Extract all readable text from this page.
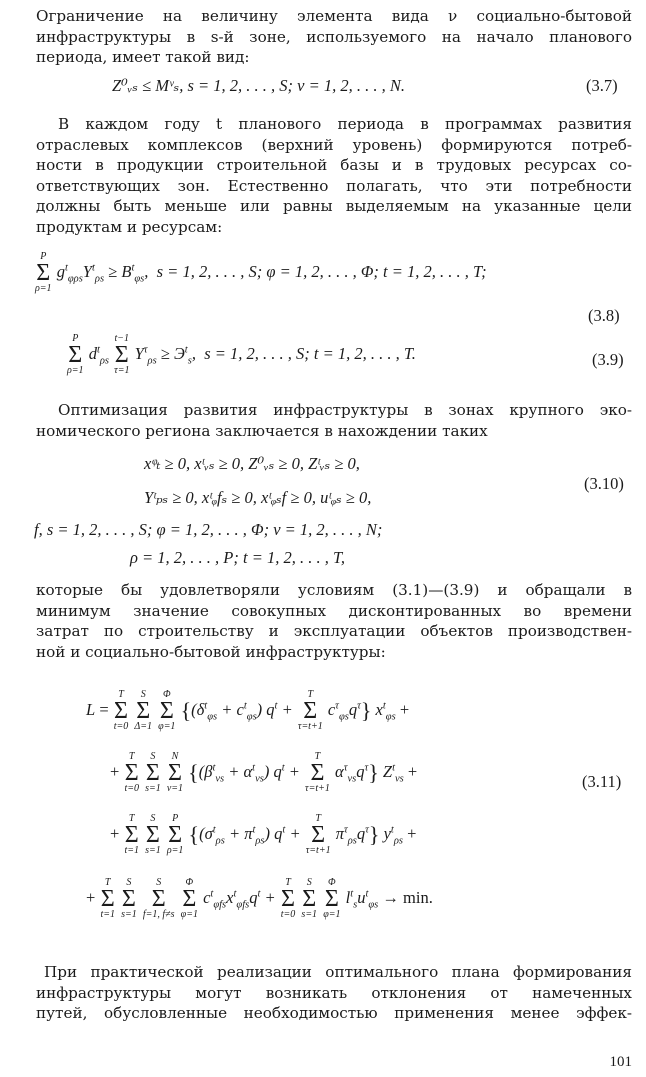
Ограничение на величину элемента вида ν социально-бытовой
инфраструктуры в s-й зоне, используемого на начало планового
периода, имеет такой вид:
Z⁰ᵥₛ ≤ Mᵛₛ, s = 1, 2, . . . , S; ν = 1, 2, . . . , N.	(3.7)
В каждом году t планового периода в программах развития
отраслевых комплексов (верхний уровень) формируются потреб-
ности в продукции строительной базы и в трудовых ресурсах со-
ответствующих зон. Естественно полагать, что эти потребности
должны быть меньше или равны выделяемым на указанные цели
продуктам и ресурсам:
P
Σ
ρ=1
$g^t_{\varphi\rho s}Y^t_{\rho s} \ge B^t_{\varphi s}$,  s = 1, 2, . . . , S; φ = 1, 2, . . . , Φ; t = 1, 2, . . . , T;
(3.8)
P
Σ
ρ=1
$d^t_{\rho s}$
t−1
Σ
τ=1
$Y^\tau_{\rho s} \ge Э^t_s$,  s = 1, 2, . . . , S; t = 1, 2, . . . , T.	(3.9)
Оптимизация развития инфраструктуры в зонах крупного эко-
номического региона заключается в нахождении таких
xᵠₜ ≥ 0, xᵗᵥₛ ≥ 0, Z⁰ᵥₛ ≥ 0, Zᵗᵥₛ ≥ 0,
Yᵗₚₛ ≥ 0, xᵗᵩfₛ ≥ 0, xᵗᵩₛf ≥ 0, uᵗᵩₛ ≥ 0,
(3.10)
f, s = 1, 2, . . . , S; φ = 1, 2, . . . , Φ; ν = 1, 2, . . . , N;
ρ = 1, 2, . . . , P; t = 1, 2, . . . , T,
которые бы удовлетворяли условиям (3.1)—(3.9) и обращали в
минимум значение совокупных дисконтированных во времени
затрат по строительству и эксплуатации объектов производствен-
ной и социально-бытовой инфраструктуры:
L =
T
Σ
t=0

S
Σ
Δ=1

Φ
Σ
φ=1
{$(\delta^t_{\varphi s} + c^t_{\varphi s}) q^t$ +
T
Σ
τ=t+1
$c^\tau_{\varphi s}q^\tau$} $x^t_{\varphi s}$ +
+
T
Σ
t=0

S
Σ
s=1

N
Σ
ν=1
{$(\beta^t_{\nu s} + \alpha^t_{\nu s}) q^t$ +
T
Σ
τ=t+1
$\alpha^\tau_{\nu s}q^\tau$} $Z^t_{\nu s}$ +
(3.11)
+
T
Σ
t=1

S
Σ
s=1

P
Σ
ρ=1
{$(\sigma^t_{\rho s} + \pi^t_{\rho s}) q^t$ +
T
Σ
τ=t+1
$\pi^\tau_{\rho s}q^\tau$} $y^t_{\rho s}$ +
+
T
Σ
t=1

S
Σ
s=1

S
Σ
f=1, f≠s

Φ
Σ
φ=1
$c^t_{\varphi fs}x^t_{\varphi fs}q^t$ +
T
Σ
t=0

S
Σ
s=1

Φ
Σ
φ=1
$l^t_su^t_{\varphi s} \to \min$.
При практической реализации оптимального плана формирования
инфраструктуры могут возникать отклонения от намеченных
путей, обусловленные необходимостью применения менее эффек-
101
